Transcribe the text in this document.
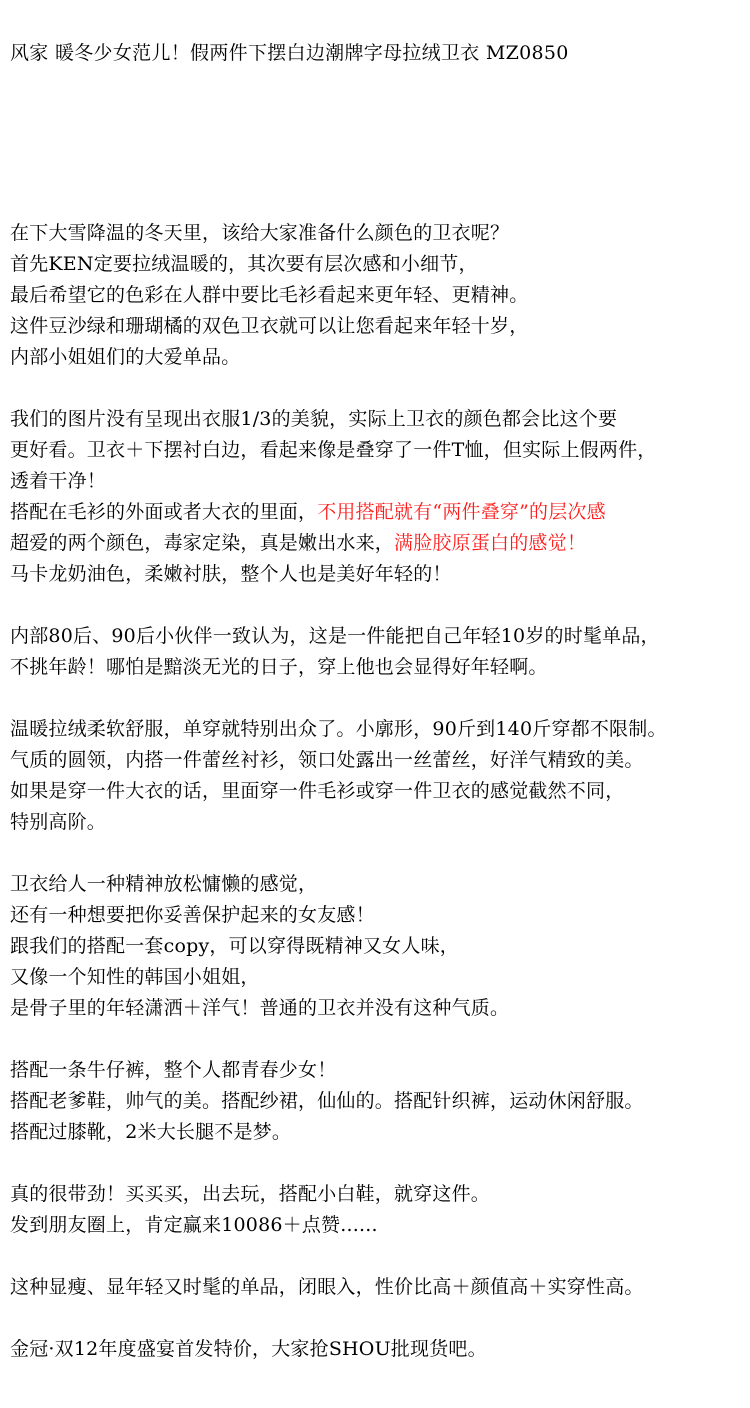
风家 暖冬少女范儿！假两件下摆白边潮牌字母拉绒卫衣 MZ0850
在下大雪降温的冬天里，该给大家准备什么颜色的卫衣呢？
首先KEN定要拉绒温暖的，其次要有层次感和小细节，
最后希望它的色彩在人群中要比毛衫看起来更年轻、更精神。
这件豆沙绿和珊瑚橘的双色卫衣就可以让您看起来年轻十岁，
内部小姐姐们的大爱单品。
我们的图片没有呈现出衣服1/3的美貌，实际上卫衣的颜色都会比这个要
更好看。卫衣＋下摆衬白边，看起来像是叠穿了一件T恤，但实际上假两件，
透着干净！
搭配在毛衫的外面或者大衣的里面，不用搭配就有“两件叠穿”的层次感
超爱的两个颜色，毒家定染，真是嫩出水来，满脸胶原蛋白的感觉！
马卡龙奶油色，柔嫩衬肤，整个人也是美好年轻的！
内部80后、90后小伙伴一致认为，这是一件能把自己年轻10岁的时髦单品，
不挑年龄！哪怕是黯淡无光的日子，穿上他也会显得好年轻啊。
温暖拉绒柔软舒服，单穿就特别出众了。小廓形，90斤到140斤穿都不限制。
气质的圆领，内搭一件蕾丝衬衫，领口处露出一丝蕾丝，好洋气精致的美。
如果是穿一件大衣的话，里面穿一件毛衫或穿一件卫衣的感觉截然不同，
特别高阶。
卫衣给人一种精神放松慵懒的感觉，
还有一种想要把你妥善保护起来的女友感！
跟我们的搭配一套copy，可以穿得既精神又女人味，
又像一个知性的韩国小姐姐，
是骨子里的年轻潇洒＋洋气！普通的卫衣并没有这种气质。
搭配一条牛仔裤，整个人都青春少女！
搭配老爹鞋，帅气的美。搭配纱裙，仙仙的。搭配针织裤，运动休闲舒服。
搭配过膝靴，2米大长腿不是梦。
真的很带劲！买买买，出去玩，搭配小白鞋，就穿这件。
发到朋友圈上，肯定赢来10086＋点赞......
这种显瘦、显年轻又时髦的单品，闭眼入，性价比高＋颜值高＋实穿性高。
金冠·双12年度盛宴首发特价，大家抢SHOU批现货吧。
